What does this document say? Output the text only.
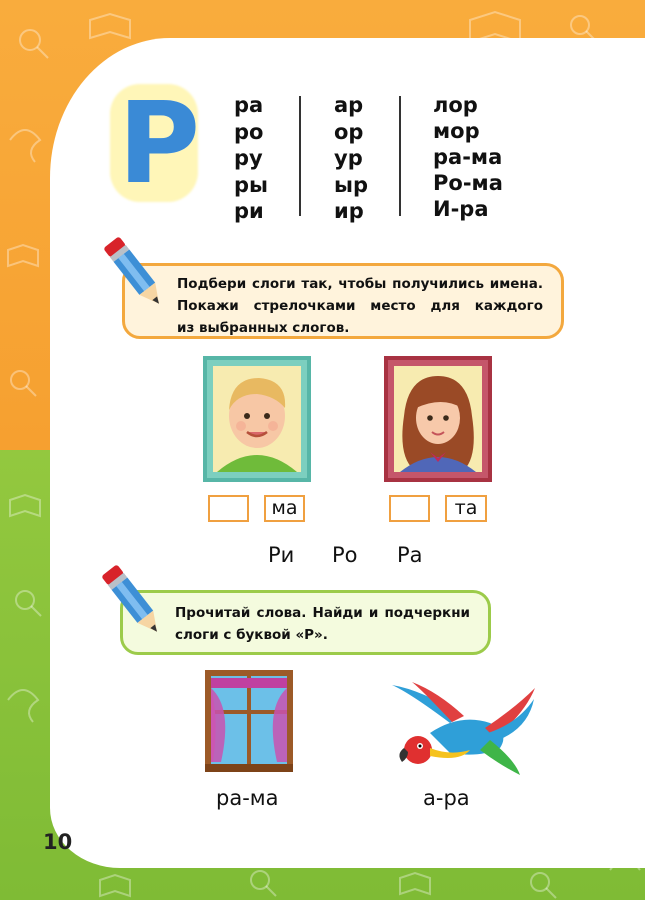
Р ра
ро
ру
ры
ри
ар
ор
ур
ыр
ир
лор
мор
ра-ма
Ро-ма
И-ра
Подбери слоги так, чтобы получились имена.
Покажи стрелочками место для каждого
из выбранных слогов.
ма	та
Ри Ро Ра
Прочитай слова. Найди и подчеркни
слоги с буквой «Р».
ра-ма	а-ра
10
